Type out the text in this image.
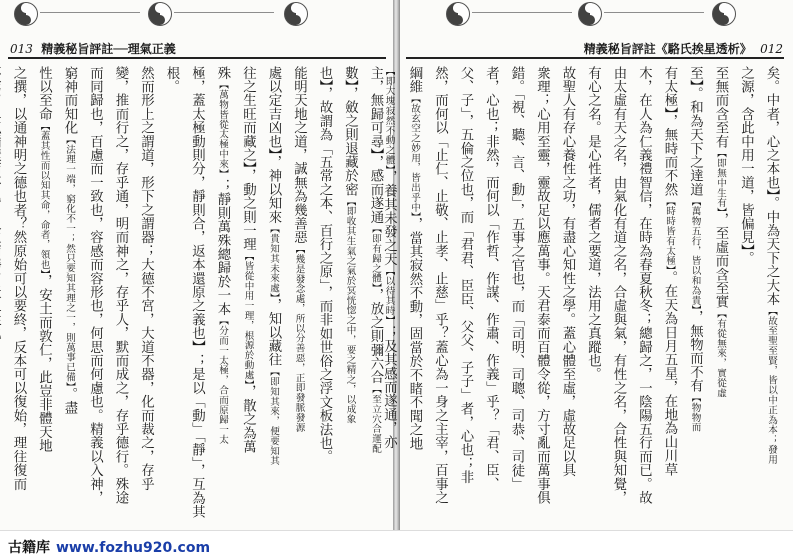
013 精義秘旨評註──理氣正義
主，無歸可尋】，感而遂通【即有歸之體】，放之則彌六合【至立穴合運配
數】，斂之則退藏於密【即收其生氣之氣於冥恍惚之中，要之精之，以成象
也】，故謂為「五常之本、百行之原」，而非如世俗之浮文板法也。
能明天地之道，誠無為幾善惡【幾是發念處，所以分善惡，正即發脈發源
處以定吉凶也】，神以知來【貴知其未來處】，知以藏往【即知其來，便要知其
往之生旺而藏之】，動之則一理【皆從中用一理，根源於動處】，散之為萬
殊【萬物皆從太極中來】；靜則萬殊總歸於一本【分而一太極，合而原歸一太
極，蓋太極動則分，靜則合，返本還原之義也】；是以「動」「靜」，互為其根。
然而形上之謂道，形下之謂器；大德不宮，大道不器，化而裁之，存乎
變，推而行之，存乎通，明而神之，存乎人，默而成之，存乎德行。殊途
而同歸也，百慮而一致也，容感而容形也，何思而何慮也。精義以入神，
窮神而知化【法理一端，窮化不一；然只要知其理之一，則萬事已備】。盡
性以至命【蓋其性而以知其命，命者，領也】，安土而敦仁，此豈非體天地
之撰，以通神明之德也者？然原始可以要終，反本可以復始，理往復而
精義秘旨評註《駱氏挨星透析》 012
矣。中者，心之本也】。中為天下之大本【故至聖至賢，皆以中正為本；發用
之源，含此中用一道，皆偏見】。
至無而含至有【即無中生有】，至虛而含至實【有從無來，實從虛
至】。和為天下之達道【萬物五行，皆以和為貴】，無物而不有【物物而
有太極】，無時而不然【時時皆有太極】。在天為日月五星，在地為山川草
木，在人為仁義禮智信，在時為春夏秋冬；總歸之，一陰陽五行而已。故
由太虛有天之名，由氣化有道之名，合虛與氣，有性之名，合性與知覺，
有心之名。是心性者，儒者之要道，法用之真蹤也。
故聖人有存心養性之功，有盡心知性之學。蓋心體至虛，虛故足以具
衆理；心用至靈，靈故足以應萬事。天君泰而百體令從，方寸亂而萬事俱
錯。「視、聽、言、動」，五事之官也，而「司明、司聰、司恭、司徒」
者，心也；非然，而何以「作哲、作謀、作肅、作義」乎？「君、臣、
父、子」，五倫之位也，而「君君、臣臣、父父、子子」者，心也；非
然，而何以「止仁、止敬、止孝、止慈」乎？蓋心為一身之主宰，百事之
綱維【故玄空之妙用，皆出乎中】，當其寂然不動，固當於不睹不聞之地
【即大塊寂然不動之體】，養其未發之天【以待其時】；及其感而遂通，亦
古籍库 www.fozhu920.com
